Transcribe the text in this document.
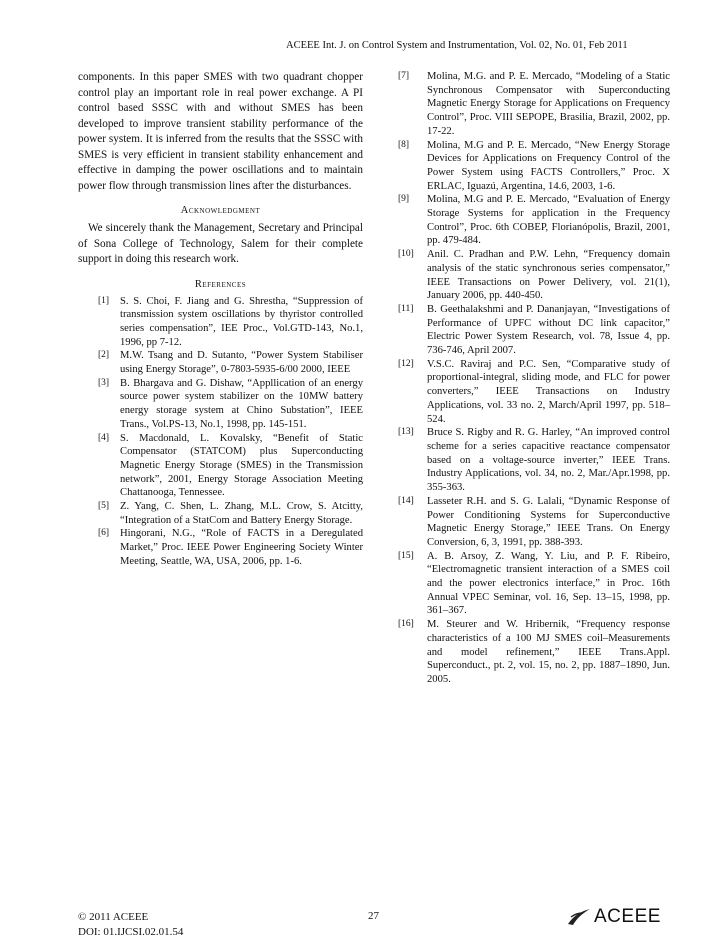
ACEEE Int. J. on Control System and Instrumentation, Vol. 02, No. 01, Feb 2011

components. In this paper SMES with two quadrant chopper control play an important role in real power exchange. A PI control based SSSC with and without SMES has been developed to improve transient stability performance of the power system. It is inferred from the results that the SSSC with SMES is very efficient in transient stability enhancement and effective in damping the power oscillations and to maintain power flow through transmission lines after the disturbances.

Acknowledgment

We sincerely thank the Management, Secretary and Principal of Sona College of Technology, Salem for their complete support in doing this research work.

References
[1]	S. S. Choi, F. Jiang and G. Shrestha, “Suppression of transmission system oscillations by thyristor controlled series compensation”, IEE Proc., Vol.GTD-143, No.1, 1996, pp 7-12.
[2]	M.W. Tsang and D. Sutanto, “Power System Stabiliser using Energy Storage”, 0-7803-5935-6/00 2000, IEEE
[3]	B. Bhargava and G. Dishaw, “Appllication of an energy source power system stabilizer on the 10MW battery energy storage system at Chino Substation”, IEEE Trans., Vol.PS-13, No.1, 1998, pp. 145-151.
[4]	S. Macdonald, L. Kovalsky, “Benefit of Static Compensator (STATCOM) plus Superconducting Magnetic Energy Storage (SMES) in the Transmission network”, 2001, Energy Storage Association Meeting Chattanooga, Tennessee.
[5]	Z. Yang, C. Shen, L. Zhang, M.L. Crow, S. Atcitty, “Integration of a StatCom and Battery Energy Storage.
[6]	Hingorani, N.G., “Role of FACTS in a Deregulated Market,” Proc. IEEE Power Engineering Society Winter Meeting, Seattle, WA, USA, 2006, pp. 1-6.
[7]	Molina, M.G. and P. E. Mercado, “Modeling of a Static Synchronous Compensator with Superconducting Magnetic Energy Storage for Applications on Frequency Control”, Proc. VIII SEPOPE, Brasilia, Brazil, 2002, pp. 17-22.
[8]	Molina, M.G and P. E. Mercado, “New Energy Storage Devices for Applications on Frequency Control of the Power System using FACTS Controllers,” Proc. X ERLAC, Iguazú, Argentina, 14.6, 2003, 1-6.
[9]	Molina, M.G and P. E. Mercado, “Evaluation of Energy Storage Systems for application in the Frequency Control”, Proc. 6th COBEP, Florianópolis, Brazil, 2001, pp. 479-484.
[10]	Anil. C. Pradhan and P.W. Lehn, “Frequency domain analysis of the static synchronous series compensator,” IEEE Transactions on Power Delivery, vol. 21(1), January 2006, pp. 440-450.
[11]	B. Geethalakshmi and P. Dananjayan, “Investigations of Performance of UPFC without DC link capacitor,” Electric Power System Research, vol. 78, Issue 4, pp. 736-746, April 2007.
[12]	V.S.C. Raviraj and P.C. Sen, “Comparative study of proportional-integral, sliding mode, and FLC for power converters,” IEEE Transactions on Industry Applications, vol. 33 no. 2, March/April 1997, pp. 518–524.
[13]	Bruce S. Rigby and R. G. Harley, “An improved control scheme for a series capacitive reactance compensator based on a voltage-source inverter,” IEEE Trans. Industry Applications, vol. 34, no. 2, Mar./Apr.1998, pp. 355-363.
[14]	Lasseter R.H. and S. G. Lalali, “Dynamic Response of Power Conditioning Systems for Superconductive Magnetic Energy Storage,” IEEE Trans. On Energy Conversion, 6, 3, 1991, pp. 388-393.
[15]	A. B. Arsoy, Z. Wang, Y. Liu, and P. F. Ribeiro, “Electromagnetic transient interaction of a SMES coil and the power electronics interface,” in Proc. 16th Annual VPEC Seminar, vol. 16, Sep. 13–15, 1998, pp. 361–367.
[16]	M. Steurer and W. Hribernik, “Frequency response characteristics of a 100 MJ SMES coil–Measurements and model refinement,” IEEE Trans.Appl. Superconduct., pt. 2, vol. 15, no. 2, pp. 1887–1890, Jun. 2005.
© 2011 ACEEE
DOI: 01.IJCSI.02.01.54
27	ACEEE
